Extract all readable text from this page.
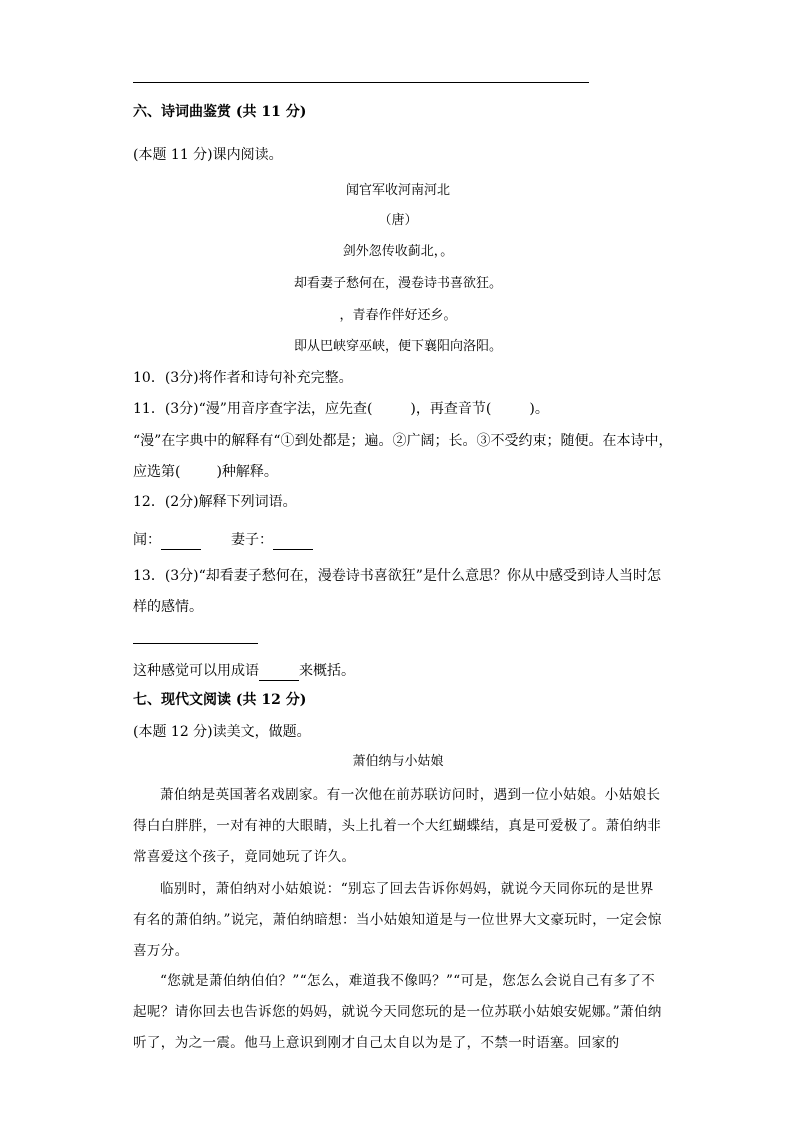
六、诗词曲鉴赏 (共 11 分)
(本题 11 分)课内阅读。
闻官军收河南河北
（唐）
剑外忽传收蓟北，。
却看妻子愁何在，漫卷诗书喜欲狂。
，青春作伴好还乡。
即从巴峡穿巫峡，便下襄阳向洛阳。
10．(3分)将作者和诗句补充完整。
11．(3分)“漫”用音序查字法，应先查(	)，再查音节(	)。
“漫”在字典中的解释有“①到处都是；遍。②广阔；长。③不受约束；随便。在本诗中，
应选第(	)种解释。
12．(2分)解释下列词语。
闻：	妻子：
13．(3分)“却看妻子愁何在，漫卷诗书喜欲狂”是什么意思？你从中感受到诗人当时怎
样的感情。
这种感觉可以用成语	来概括。
七、现代文阅读 (共 12 分)
(本题 12 分)读美文，做题。
萧伯纳与小姑娘
萧伯纳是英国著名戏剧家。有一次他在前苏联访问时，遇到一位小姑娘。小姑娘长得白白胖胖，一对有神的大眼睛，头上扎着一个大红蝴蝶结，真是可爱极了。萧伯纳非常喜爱这个孩子，竟同她玩了许久。
临别时，萧伯纳对小姑娘说：“别忘了回去告诉你妈妈，就说今天同你玩的是世界有名的萧伯纳。”说完，萧伯纳暗想：当小姑娘知道是与一位世界大文豪玩时，一定会惊喜万分。
“您就是萧伯纳伯伯？”“怎么，难道我不像吗？”“可是，您怎么会说自己有多了不起呢？请你回去也告诉您的妈妈，就说今天同您玩的是一位苏联小姑娘安妮娜。”萧伯纳听了，为之一震。他马上意识到刚才自己太自以为是了，不禁一时语塞。回家的
